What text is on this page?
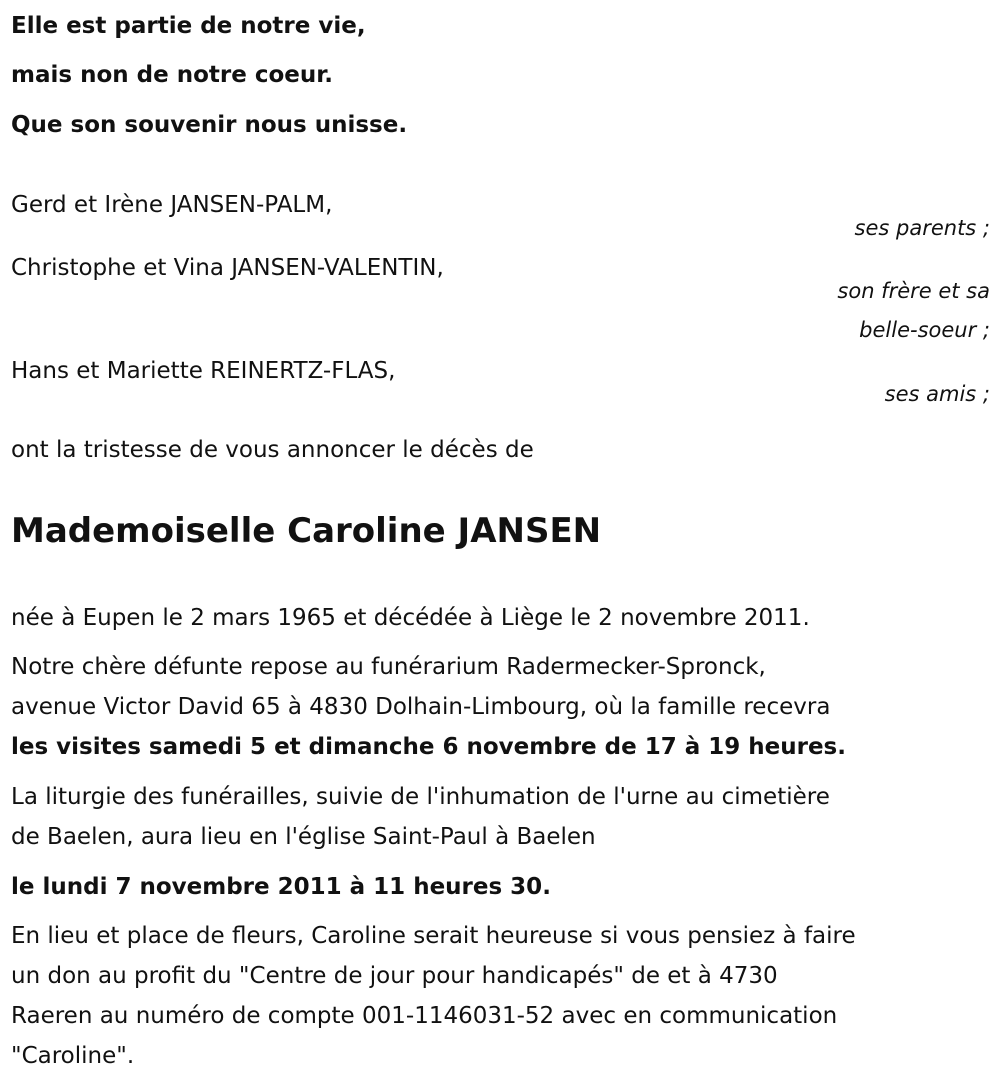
Elle est partie de notre vie,
mais non de notre coeur.
Que son souvenir nous unisse.
Gerd et Irène JANSEN-PALM,
ses parents ;
Christophe et Vina JANSEN-VALENTIN,
son frère et sa
belle-soeur ;
Hans et Mariette REINERTZ-FLAS,
ses amis ;
ont la tristesse de vous annoncer le décès de
Mademoiselle Caroline JANSEN
née à Eupen le 2 mars 1965 et décédée à Liège le 2 novembre 2011.
Notre chère défunte repose au funérarium Radermecker-Spronck,
avenue Victor David 65 à 4830 Dolhain-Limbourg, où la famille recevra
les visites samedi 5 et dimanche 6 novembre de 17 à 19 heures.
La liturgie des funérailles, suivie de l'inhumation de l'urne au cimetière
de Baelen, aura lieu en l'église Saint-Paul à Baelen
le lundi 7 novembre 2011 à 11 heures 30.
En lieu et place de fleurs, Caroline serait heureuse si vous pensiez à faire
un don au profit du "Centre de jour pour handicapés" de et à 4730
Raeren au numéro de compte 001-1146031-52 avec en communication
"Caroline".
